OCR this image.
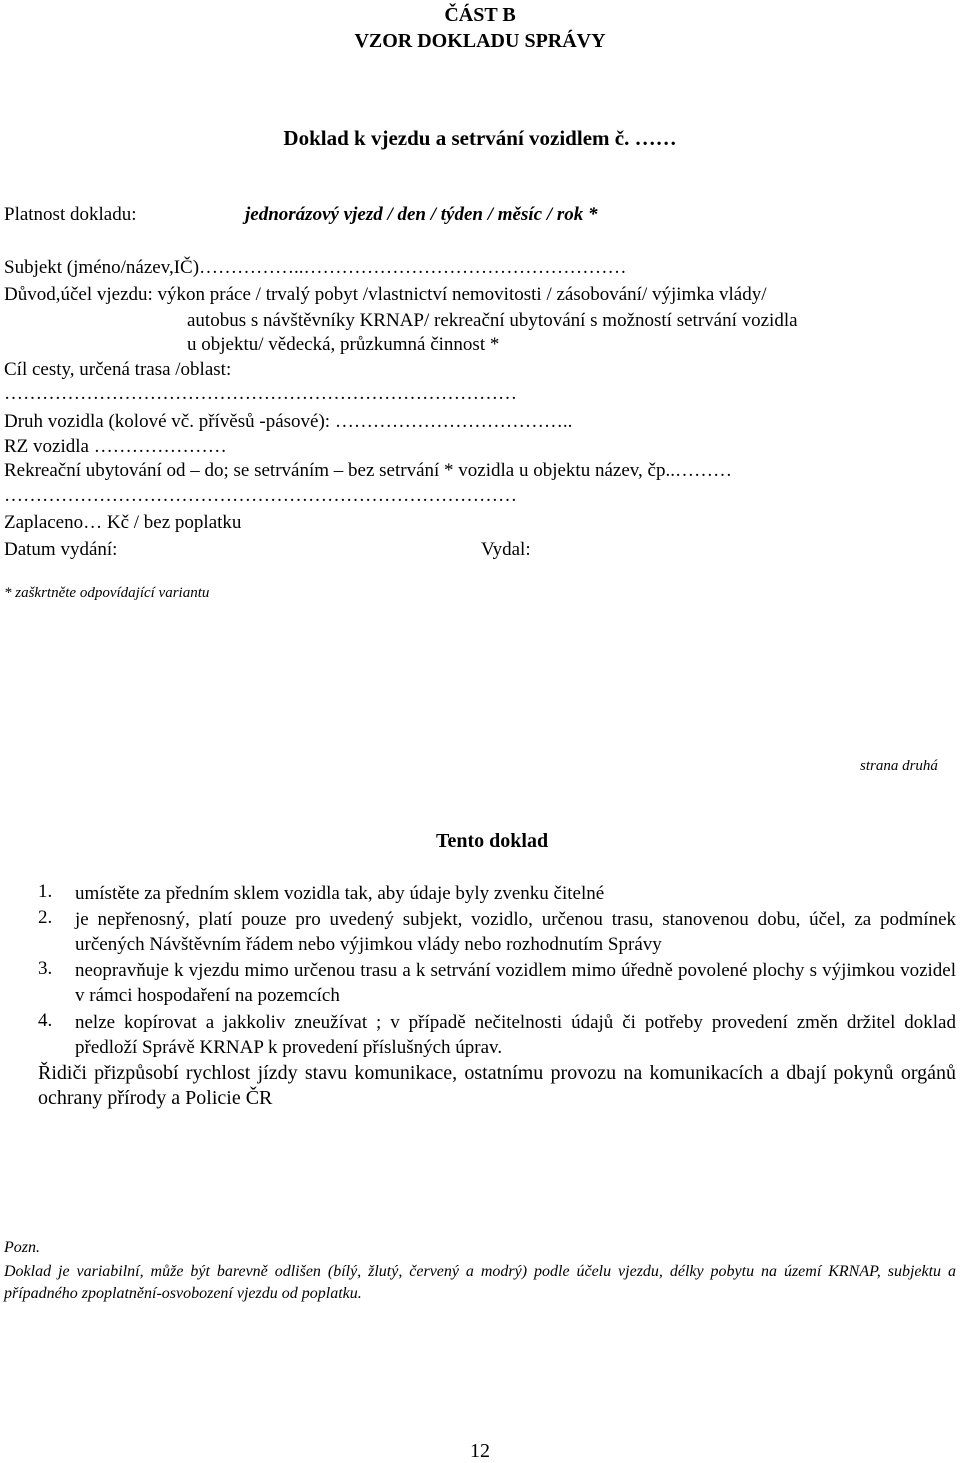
ČÁST B
VZOR DOKLADU SPRÁVY
Doklad k vjezdu a setrvání vozidlem č. ……
Platnost dokladu:	jednorázový vjezd / den / týden / měsíc / rok *
Subjekt (jméno/název,IČ)……………..……………………………………………
Důvod,účel vjezdu: výkon práce / trvalý pobyt /vlastnictví nemovitosti / zásobování/ výjimka vlády/
autobus s návštěvníky KRNAP/ rekreační ubytování s možností setrvání vozidla
u objektu/ vědecká, průzkumná činnost *
Cíl cesty, určená trasa /oblast:
………………………………………………………………………
Druh vozidla (kolové vč. přívěsů -pásové): ………………………………..
RZ vozidla …………………
Rekreační ubytování od – do; se setrváním – bez setrvání * vozidla u objektu název, čp..………
………………………………………………………………………
Zaplaceno… Kč / bez poplatku
Datum vydání:	Vydal:
* zaškrtněte odpovídající variantu
strana druhá
Tento doklad
1. umístěte za předním sklem vozidla tak, aby údaje byly zvenku čitelné
2. je nepřenosný, platí pouze pro uvedený subjekt, vozidlo, určenou trasu, stanovenou dobu, účel, za podmínek určených Návštěvním řádem nebo výjimkou vlády nebo rozhodnutím Správy
3. neopravňuje k vjezdu mimo určenou trasu a k setrvání vozidlem mimo úředně povolené plochy s výjimkou vozidel v rámci hospodaření na pozemcích
4. nelze kopírovat a jakkoliv zneužívat ; v případě nečitelnosti údajů či potřeby provedení změn držitel doklad předloží Správě KRNAP k provedení příslušných úprav.
Řidiči přizpůsobí rychlost jízdy stavu komunikace, ostatnímu provozu na komunikacích a dbají pokynů orgánů ochrany přírody a Policie ČR
Pozn.
Doklad je variabilní, může být barevně odlišen (bílý, žlutý, červený a modrý) podle účelu vjezdu, délky pobytu na území KRNAP, subjektu a případného zpoplatnění-osvobození vjezdu od poplatku.
12
